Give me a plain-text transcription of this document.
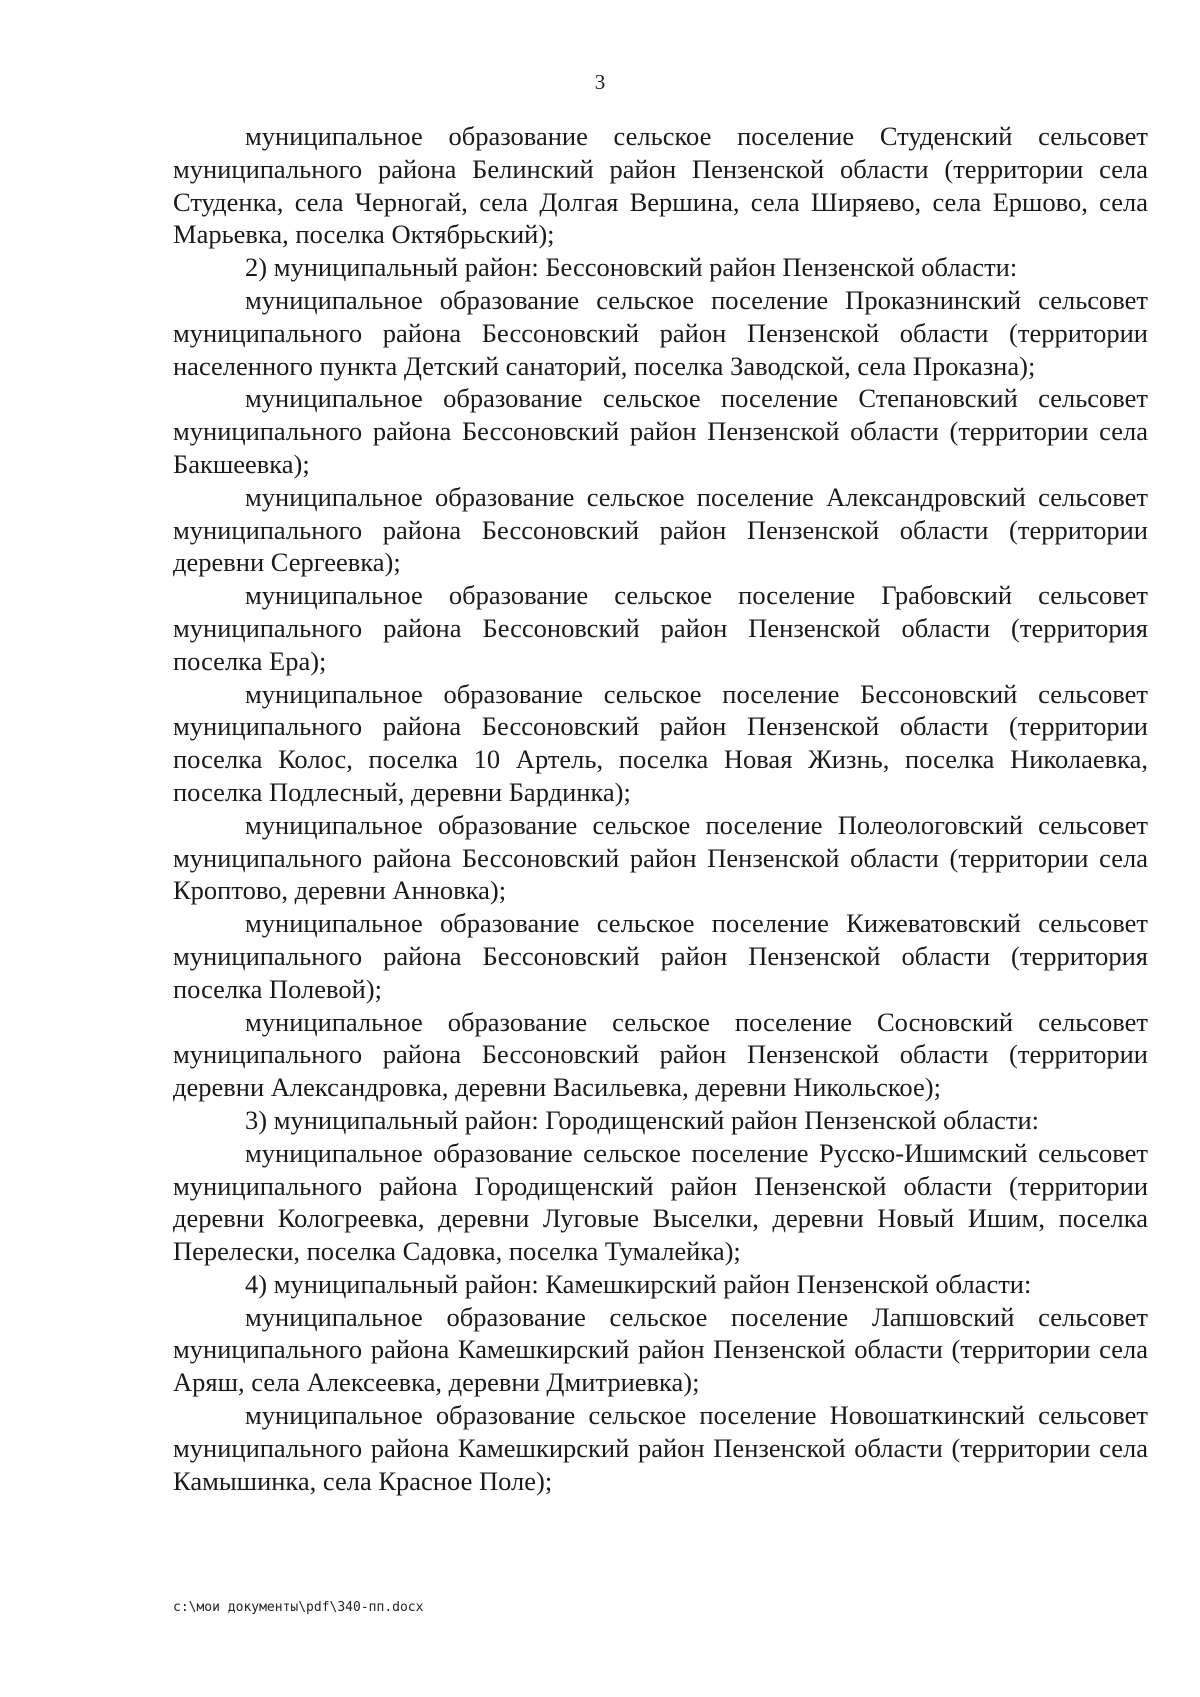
3

муниципальное образование сельское поселение Студенский сельсовет муниципального района Белинский район Пензенской области (территории села Студенка, села Черногай, села Долгая Вершина, села Ширяево, села Ершово, села Марьевка, поселка Октябрьский);

2) муниципальный район: Бессоновский район Пензенской области:

муниципальное образование сельское поселение Проказнинский сельсовет муниципального района Бессоновский район Пензенской области (территории населенного пункта Детский санаторий, поселка Заводской, села Проказна);

муниципальное образование сельское поселение Степановский сельсовет муниципального района Бессоновский район Пензенской области (территории села Бакшеевка);

муниципальное образование сельское поселение Александровский сельсовет муниципального района Бессоновский район Пензенской области (территории деревни Сергеевка);

муниципальное образование сельское поселение Грабовский сельсовет муниципального района Бессоновский район Пензенской области (территория поселка Ера);

муниципальное образование сельское поселение Бессоновский сельсовет муниципального района Бессоновский район Пензенской области (территории поселка Колос, поселка 10 Артель, поселка Новая Жизнь, поселка Николаевка, поселка Подлесный, деревни Бардинка);

муниципальное образование сельское поселение Полеологовский сельсовет муниципального района Бессоновский район Пензенской области (территории села Кроптово, деревни Анновка);

муниципальное образование сельское поселение Кижеватовский сельсовет муниципального района Бессоновский район Пензенской области (территория поселка Полевой);

муниципальное образование сельское поселение Сосновский сельсовет муниципального района Бессоновский район Пензенской области (территории деревни Александровка, деревни Васильевка, деревни Никольское);

3) муниципальный район: Городищенский район Пензенской области:

муниципальное образование сельское поселение Русско-Ишимский сельсовет муниципального района Городищенский район Пензенской области (территории деревни Кологреевка, деревни Луговые Выселки, деревни Новый Ишим, поселка Перелески, поселка Садовка, поселка Тумалейка);

4) муниципальный район: Камешкирский район Пензенской области:

муниципальное образование сельское поселение Лапшовский сельсовет муниципального района Камешкирский район Пензенской области (территории села Аряш, села Алексеевка, деревни Дмитриевка);

муниципальное образование сельское поселение Новошаткинский сельсовет муниципального района Камешкирский район Пензенской области (территории села Камышинка, села Красное Поле);

c:\мои документы\pdf\340-пп.docx
